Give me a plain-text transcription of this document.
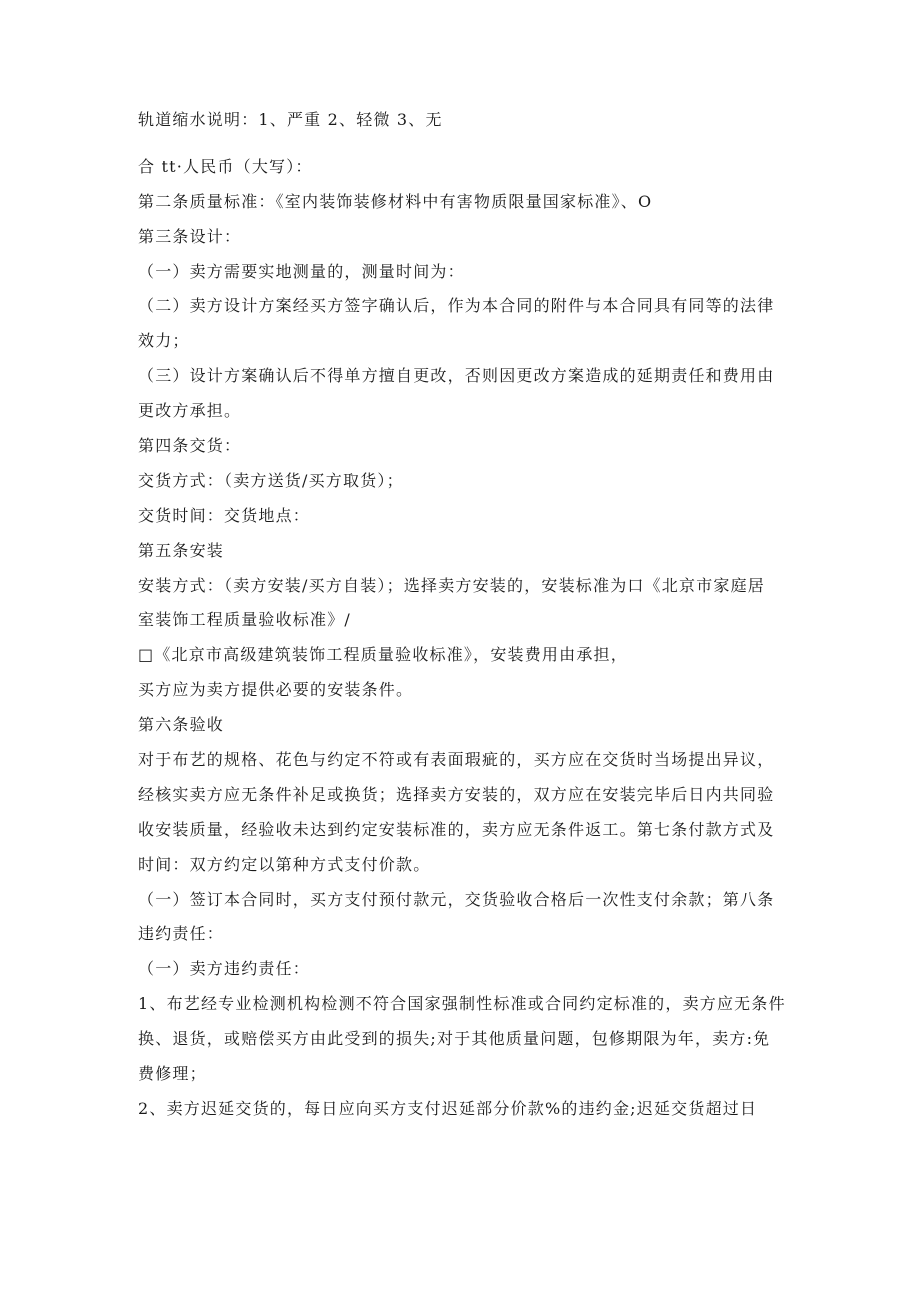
轨道缩水说明：1、严重 2、轻微 3、无
合 tt·人民币（大写）：
第二条质量标准：《室内装饰装修材料中有害物质限量国家标准》、O
第三条设计：
（一）卖方需要实地测量的，测量时间为：
（二）卖方设计方案经买方签字确认后，作为本合同的附件与本合同具有同等的法律
效力；
（三）设计方案确认后不得单方擅自更改，否则因更改方案造成的延期责任和费用由
更改方承担。
第四条交货：
交货方式：（卖方送货/买方取货）；
交货时间：交货地点：
第五条安装
安装方式：（卖方安装/买方自装）；选择卖方安装的，安装标准为口《北京市家庭居
室装饰工程质量验收标准》/
□《北京市高级建筑装饰工程质量验收标准》，安装费用由承担，
买方应为卖方提供必要的安装条件。
第六条验收
对于布艺的规格、花色与约定不符或有表面瑕疵的，买方应在交货时当场提出异议，
经核实卖方应无条件补足或换货；选择卖方安装的，双方应在安装完毕后日内共同验
收安装质量，经验收未达到约定安装标准的，卖方应无条件返工。第七条付款方式及
时间：双方约定以第种方式支付价款。
（一）签订本合同时，买方支付预付款元，交货验收合格后一次性支付余款；第八条
违约责任：
（一）卖方违约责任：
1、布艺经专业检测机构检测不符合国家强制性标准或合同约定标准的，卖方应无条件
换、退货，或赔偿买方由此受到的损失;对于其他质量问题，包修期限为年，卖方:免
费修理；
2、卖方迟延交货的，每日应向买方支付迟延部分价款%的违约金;迟延交货超过日
